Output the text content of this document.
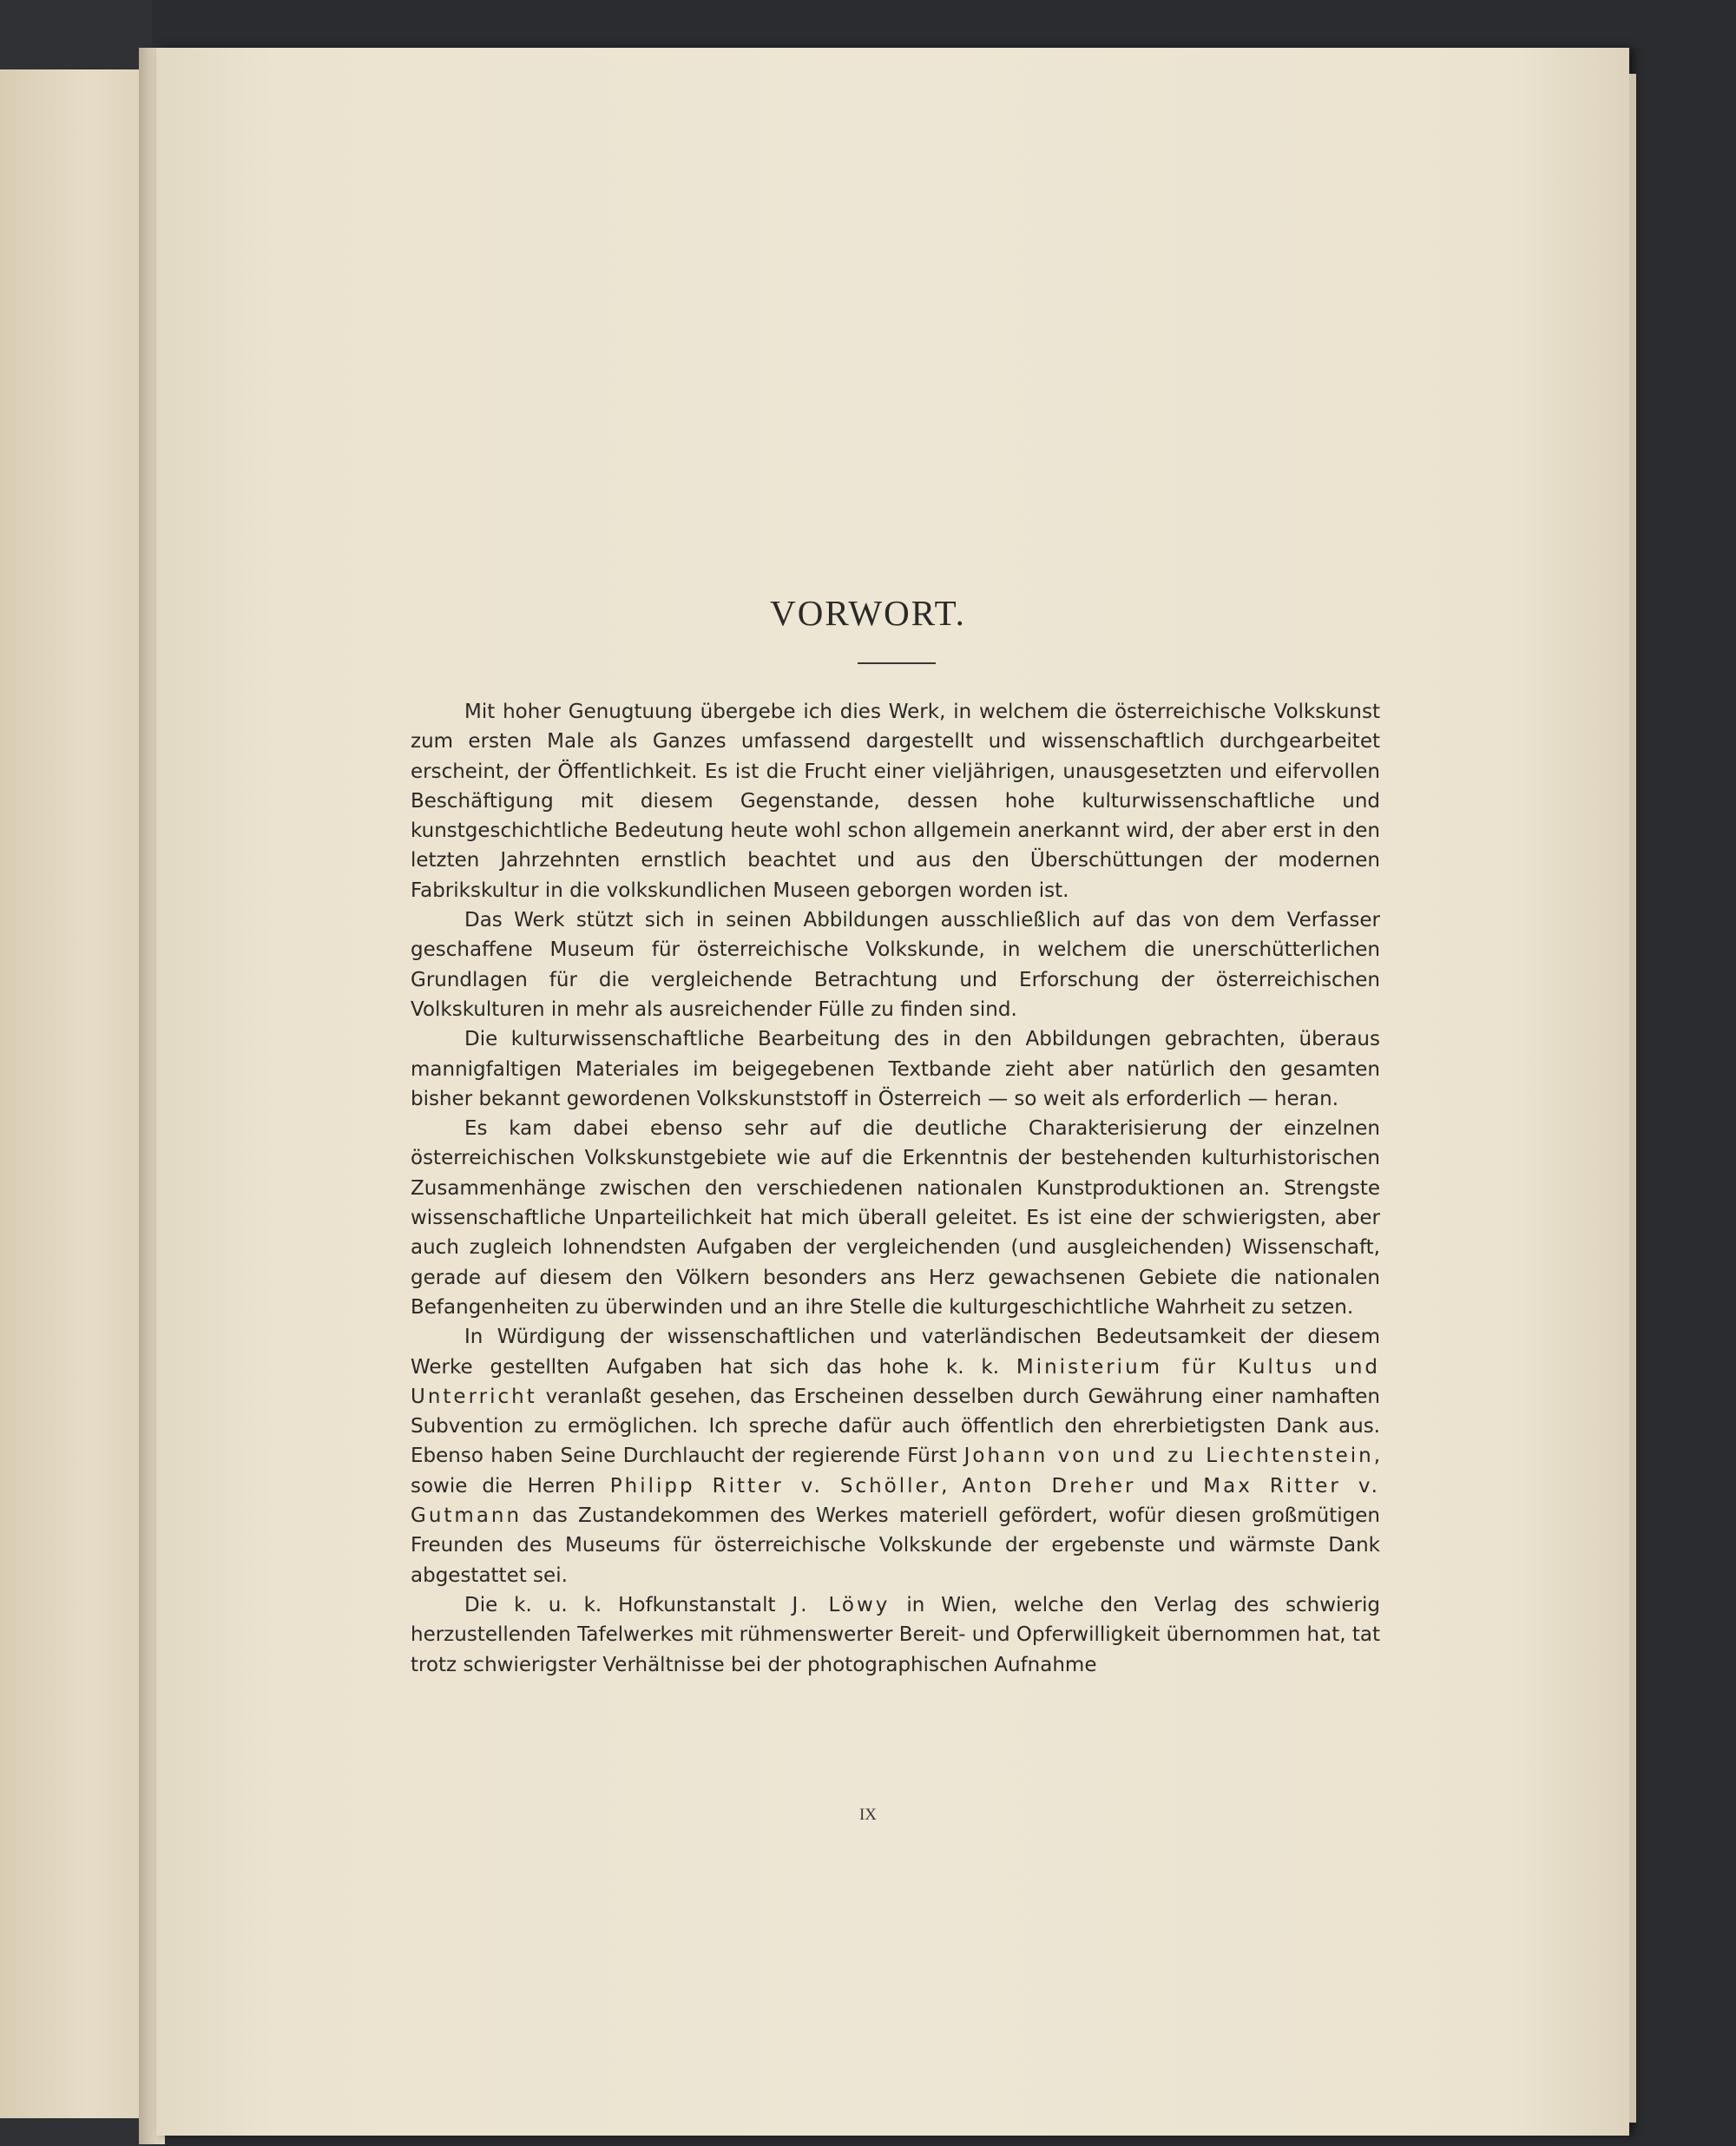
VORWORT.

Mit hoher Genugtuung übergebe ich dies Werk, in welchem die österreichische Volkskunst zum ersten Male als Ganzes umfassend dargestellt und wissenschaftlich durchgearbeitet erscheint, der Öffentlichkeit. Es ist die Frucht einer vieljährigen, unausgesetzten und eifervollen Beschäftigung mit diesem Gegenstande, dessen hohe kulturwissenschaftliche und kunstgeschichtliche Bedeutung heute wohl schon allgemein anerkannt wird, der aber erst in den letzten Jahrzehnten ernstlich beachtet und aus den Überschüttungen der modernen Fabrikskultur in die volkskundlichen Museen geborgen worden ist.

Das Werk stützt sich in seinen Abbildungen ausschließlich auf das von dem Verfasser geschaffene Museum für österreichische Volkskunde, in welchem die unerschütterlichen Grundlagen für die vergleichende Betrachtung und Erforschung der österreichischen Volkskulturen in mehr als ausreichender Fülle zu finden sind.

Die kulturwissenschaftliche Bearbeitung des in den Abbildungen gebrachten, überaus mannigfaltigen Materiales im beigegebenen Textbande zieht aber natürlich den gesamten bisher bekannt gewordenen Volkskunststoff in Österreich — so weit als erforderlich — heran.

Es kam dabei ebenso sehr auf die deutliche Charakterisierung der einzelnen österreichischen Volkskunstgebiete wie auf die Erkenntnis der bestehenden kulturhistorischen Zusammenhänge zwischen den verschiedenen nationalen Kunstproduktionen an. Strengste wissenschaftliche Unparteilichkeit hat mich überall geleitet. Es ist eine der schwierigsten, aber auch zugleich lohnendsten Aufgaben der vergleichenden (und ausgleichenden) Wissenschaft, gerade auf diesem den Völkern besonders ans Herz gewachsenen Gebiete die nationalen Befangenheiten zu überwinden und an ihre Stelle die kulturgeschichtliche Wahrheit zu setzen.

In Würdigung der wissenschaftlichen und vaterländischen Bedeutsamkeit der diesem Werke gestellten Aufgaben hat sich das hohe k. k. Ministerium für Kultus und Unterricht veranlaßt gesehen, das Erscheinen desselben durch Gewährung einer namhaften Subvention zu ermöglichen. Ich spreche dafür auch öffentlich den ehrerbietigsten Dank aus. Ebenso haben Seine Durchlaucht der regierende Fürst Johann von und zu Liechtenstein, sowie die Herren Philipp Ritter v. Schöller, Anton Dreher und Max Ritter v. Gutmann das Zustandekommen des Werkes materiell gefördert, wofür diesen großmütigen Freunden des Museums für österreichische Volkskunde der ergebenste und wärmste Dank abgestattet sei.

Die k. u. k. Hofkunstanstalt J. Löwy in Wien, welche den Verlag des schwierig herzustellenden Tafelwerkes mit rühmenswerter Bereit- und Opferwilligkeit übernommen hat, tat trotz schwierigster Verhältnisse bei der photographischen Aufnahme

IX
